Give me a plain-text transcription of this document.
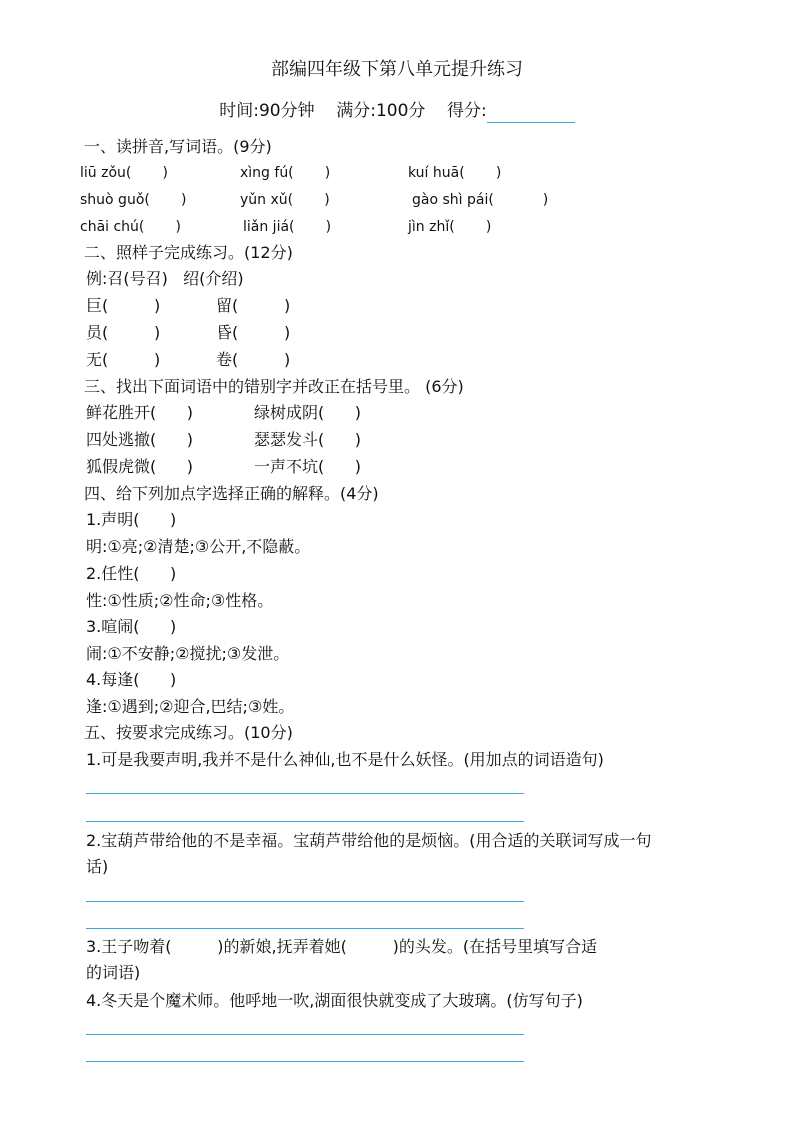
部编四年级下第八单元提升练习
时间:90分钟 满分:100分 得分:
一、读拼音,写词语。(9分)
liū zǒu(       )	xìng fú(       )	kuí huā(       )
shuò guǒ(       )	yǔn xǔ(       )	gào shì pái(           )
chāi chú(       )	liǎn jiá(       )	jìn zhǐ(       )
二、照样子完成练习。(12分)
例:召(号召)   绍(介绍)
巨(         )	留(         )
员(         )	昏(         )
无(         )	卷(         )
三、找出下面词语中的错别字并改正在括号里。 (6分)
鲜花胜开(      )	绿树成阴(      )
四处逃撤(      )	瑟瑟发斗(      )
狐假虎微(      )	一声不坑(      )
四、给下列加点字选择正确的解释。(4分)
1.声明(      )
明:①亮;②清楚;③公开,不隐蔽。
2.任性(      )
性:①性质;②性命;③性格。
3.喧闹(      )
闹:①不安静;②搅扰;③发泄。
4.每逢(      )
逢:①遇到;②迎合,巴结;③姓。
五、按要求完成练习。(10分)
1.可是我要声明,我并不是什么神仙,也不是什么妖怪。(用加点的词语造句)
2.宝葫芦带给他的不是幸福。宝葫芦带给他的是烦恼。(用合适的关联词写成一句
话)
3.王子吻着(         )的新娘,抚弄着她(         )的头发。(在括号里填写合适
的词语)
4.冬天是个魔术师。他呼地一吹,湖面很快就变成了大玻璃。(仿写句子)
